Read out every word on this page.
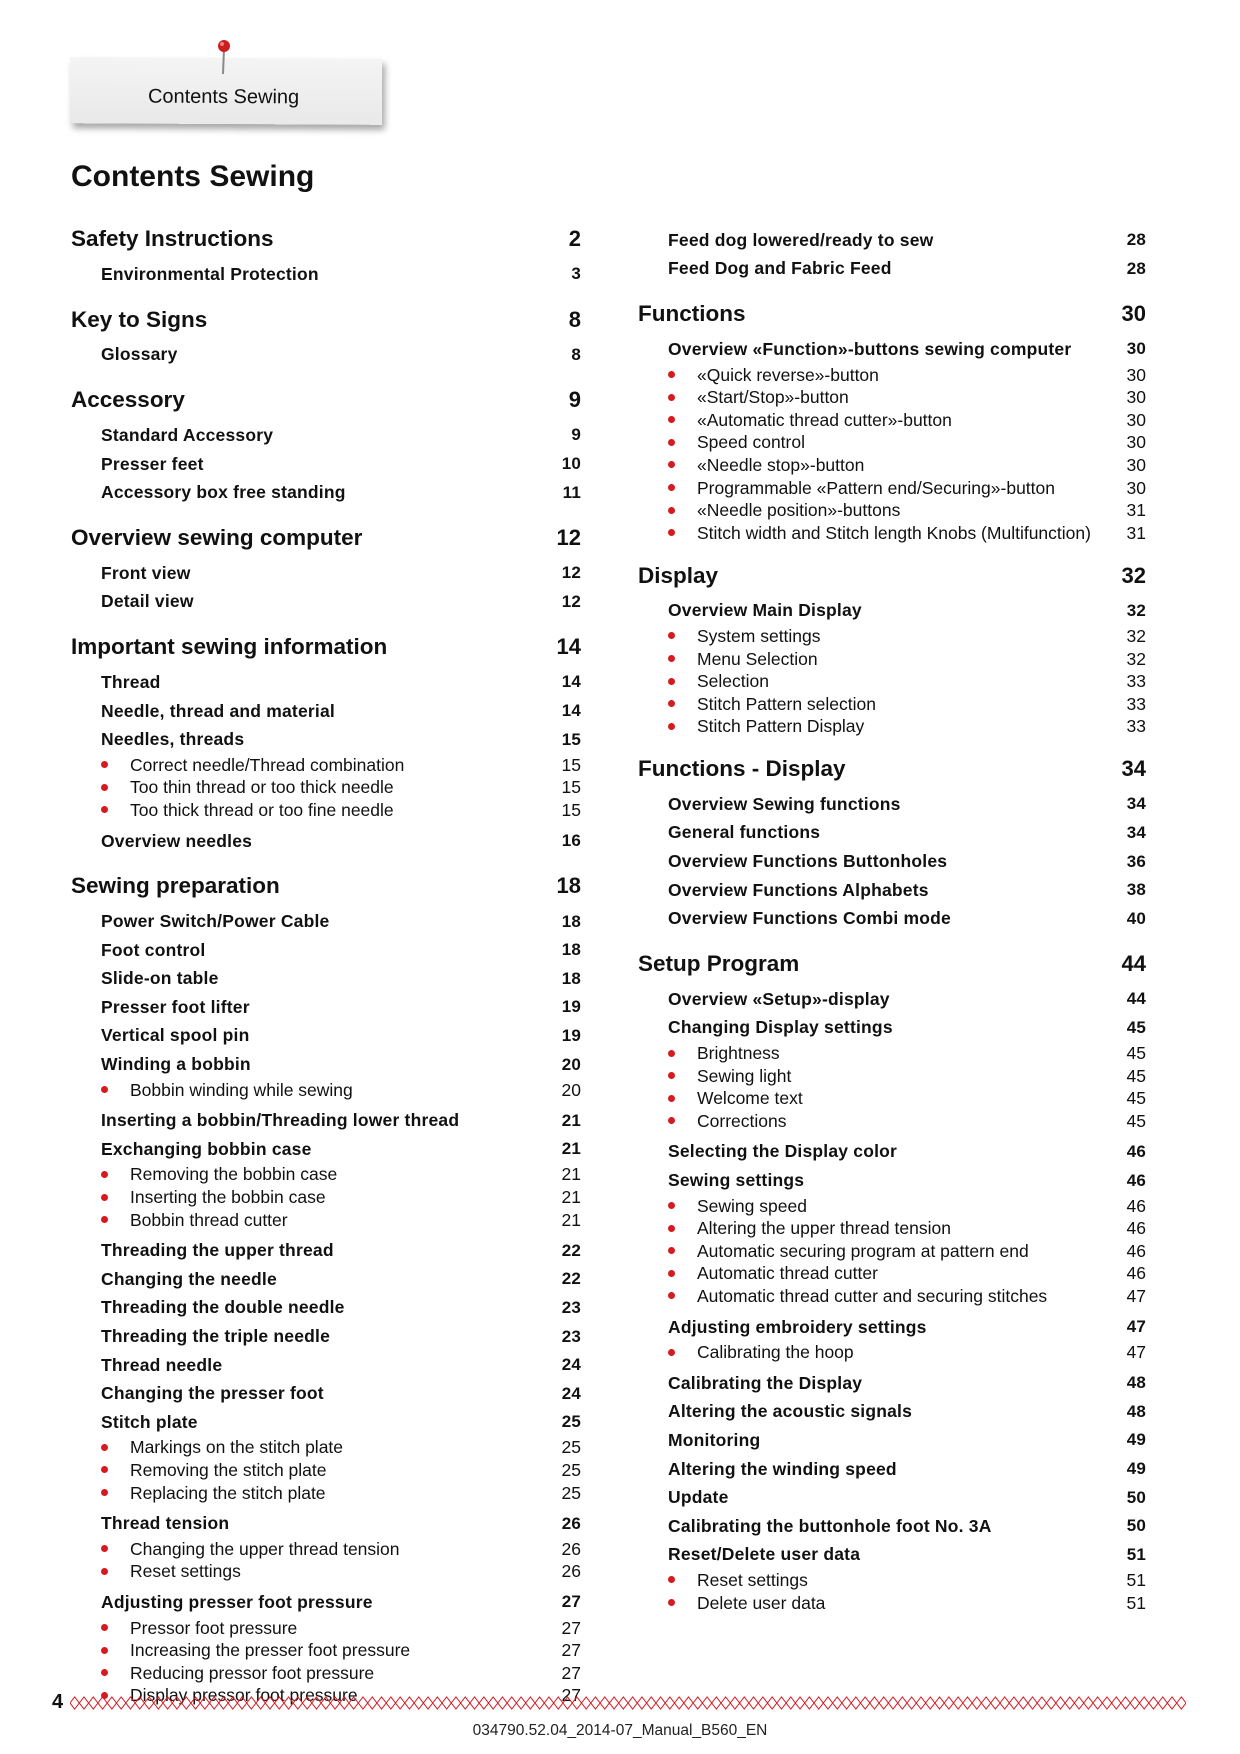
Contents Sewing
Contents Sewing
Safety Instructions	2
Environmental Protection	3
Key to Signs	8
Glossary	8
Accessory	9
Standard Accessory	9
Presser feet	10
Accessory box free standing	11
Overview sewing computer	12
Front view	12
Detail view	12
Important sewing information	14
Thread	14
Needle, thread and material	14
Needles, threads	15
Correct needle/Thread combination	15
Too thin thread or too thick needle	15
Too thick thread or too fine needle	15
Overview needles	16
Sewing preparation	18
Power Switch/Power Cable	18
Foot control	18
Slide-on table	18
Presser foot lifter	19
Vertical spool pin	19
Winding a bobbin	20
Bobbin winding while sewing	20
Inserting a bobbin/Threading lower thread	21
Exchanging bobbin case	21
Removing the bobbin case	21
Inserting the bobbin case	21
Bobbin thread cutter	21
Threading the upper thread	22
Changing the needle	22
Threading the double needle	23
Threading the triple needle	23
Thread needle	24
Changing the presser foot	24
Stitch plate	25
Markings on the stitch plate	25
Removing the stitch plate	25
Replacing the stitch plate	25
Thread tension	26
Changing the upper thread tension	26
Reset settings	26
Adjusting presser foot pressure	27
Pressor foot pressure	27
Increasing the presser foot pressure	27
Reducing pressor foot pressure	27
Display pressor foot pressure	27
Feed dog lowered/ready to sew	28
Feed Dog and Fabric Feed	28
Functions	30
Overview «Function»-buttons sewing computer	30
«Quick reverse»-button	30
«Start/Stop»-button	30
«Automatic thread cutter»-button	30
Speed control	30
«Needle stop»-button	30
Programmable «Pattern end/Securing»-button	30
«Needle position»-buttons	31
Stitch width and Stitch length Knobs (Multifunction)	31
Display	32
Overview Main Display	32
System settings	32
Menu Selection	32
Selection	33
Stitch Pattern selection	33
Stitch Pattern Display	33
Functions - Display	34
Overview Sewing functions	34
General functions	34
Overview Functions Buttonholes	36
Overview Functions Alphabets	38
Overview Functions Combi mode	40
Setup Program	44
Overview «Setup»-display	44
Changing Display settings	45
Brightness	45
Sewing light	45
Welcome text	45
Corrections	45
Selecting the Display color	46
Sewing settings	46
Sewing speed	46
Altering the upper thread tension	46
Automatic securing program at pattern end	46
Automatic thread cutter	46
Automatic thread cutter and securing stitches	47
Adjusting embroidery settings	47
Calibrating the hoop	47
Calibrating the Display	48
Altering the acoustic signals	48
Monitoring	49
Altering the winding speed	49
Update	50
Calibrating the buttonhole foot No. 3A	50
Reset/Delete user data	51
Reset settings	51
Delete user data	51
4
034790.52.04_2014-07_Manual_B560_EN
